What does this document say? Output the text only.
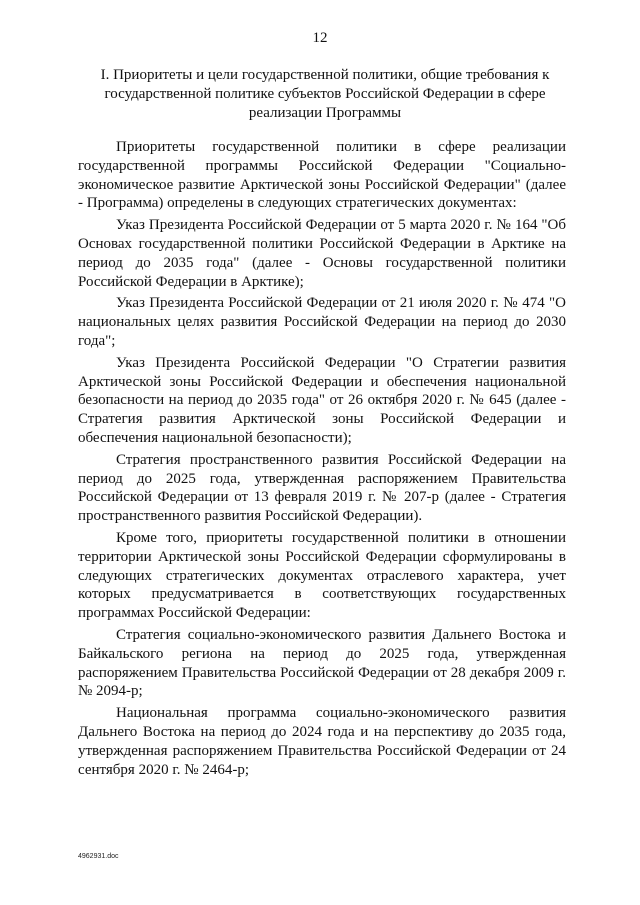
12
I. Приоритеты и цели государственной политики, общие требования к государственной политике субъектов Российской Федерации в сфере реализации Программы

Приоритеты государственной политики в сфере реализации государственной программы Российской Федерации "Социально-экономическое развитие Арктической зоны Российской Федерации" (далее - Программа) определены в следующих стратегических документах:

Указ Президента Российской Федерации от 5 марта 2020 г. № 164 "Об Основах государственной политики Российской Федерации в Арктике на период до 2035 года" (далее - Основы государственной политики Российской Федерации в Арктике);

Указ Президента Российской Федерации от 21 июля 2020 г. № 474 "О национальных целях развития Российской Федерации на период до 2030 года";

Указ Президента Российской Федерации "О Стратегии развития Арктической зоны Российской Федерации и обеспечения национальной безопасности на период до 2035 года" от 26 октября 2020 г. № 645 (далее - Стратегия развития Арктической зоны Российской Федерации и обеспечения национальной безопасности);

Стратегия пространственного развития Российской Федерации на период до 2025 года, утвержденная распоряжением Правительства Российской Федерации от 13 февраля 2019 г. № 207-р (далее - Стратегия пространственного развития Российской Федерации).

Кроме того, приоритеты государственной политики в отношении территории Арктической зоны Российской Федерации сформулированы в следующих стратегических документах отраслевого характера, учет которых предусматривается в соответствующих государственных программах Российской Федерации:

Стратегия социально-экономического развития Дальнего Востока и Байкальского региона на период до 2025 года, утвержденная распоряжением Правительства Российской Федерации от 28 декабря 2009 г. № 2094-р;

Национальная программа социально-экономического развития Дальнего Востока на период до 2024 года и на перспективу до 2035 года, утвержденная распоряжением Правительства Российской Федерации от 24 сентября 2020 г. № 2464-р;

4962931.doc
